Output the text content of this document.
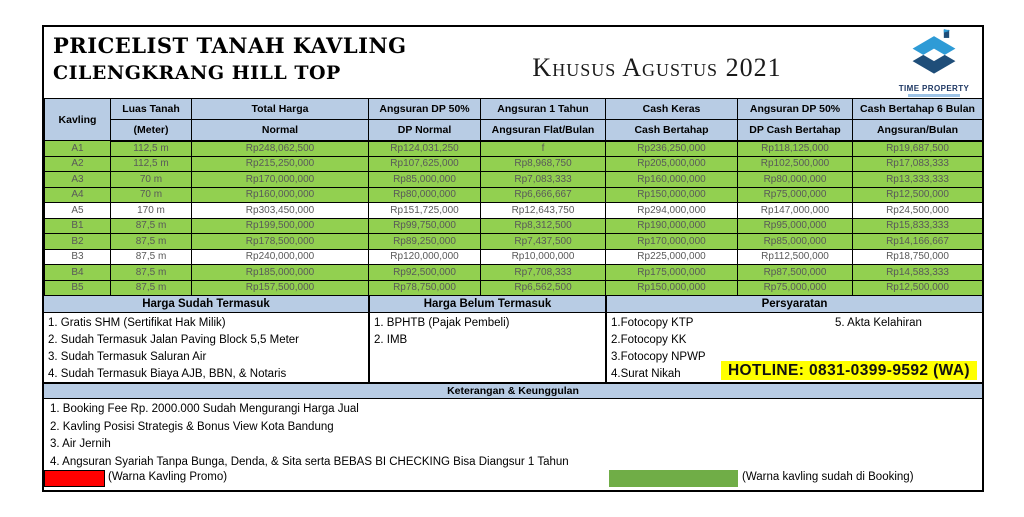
PRICELIST TANAH KAVLING
CILENGKRANG HILL TOP	Khusus Agustus 2021
TIME PROPERTY
Kavling	Luas Tanah	Total Harga	Angsuran DP 50%	Angsuran 1 Tahun	Cash Keras	Angsuran DP 50%	Cash Bertahap 6 Bulan
	(Meter)	Normal	DP Normal	Angsuran Flat/Bulan	Cash Bertahap	DP Cash Bertahap	Angsuran/Bulan
A1	112,5 m	Rp248,062,500	Rp124,031,250	f	Rp236,250,000	Rp118,125,000	Rp19,687,500
A2	112,5 m	Rp215,250,000	Rp107,625,000	Rp8,968,750	Rp205,000,000	Rp102,500,000	Rp17,083,333
A3	70 m	Rp170,000,000	Rp85,000,000	Rp7,083,333	Rp160,000,000	Rp80,000,000	Rp13,333,333
A4	70 m	Rp160,000,000	Rp80,000,000	Rp6,666,667	Rp150,000,000	Rp75,000,000	Rp12,500,000
A5	170 m	Rp303,450,000	Rp151,725,000	Rp12,643,750	Rp294,000,000	Rp147,000,000	Rp24,500,000
B1	87,5 m	Rp199,500,000	Rp99,750,000	Rp8,312,500	Rp190,000,000	Rp95,000,000	Rp15,833,333
B2	87,5 m	Rp178,500,000	Rp89,250,000	Rp7,437,500	Rp170,000,000	Rp85,000,000	Rp14,166,667
B3	87,5 m	Rp240,000,000	Rp120,000,000	Rp10,000,000	Rp225,000,000	Rp112,500,000	Rp18,750,000
B4	87,5 m	Rp185,000,000	Rp92,500,000	Rp7,708,333	Rp175,000,000	Rp87,500,000	Rp14,583,333
B5	87,5 m	Rp157,500,000	Rp78,750,000	Rp6,562,500	Rp150,000,000	Rp75,000,000	Rp12,500,000
Harga Sudah Termasuk
1. Gratis SHM (Sertifikat Hak Milik)
2. Sudah Termasuk Jalan Paving Block 5,5 Meter
3. Sudah Termasuk Saluran Air
4. Sudah Termasuk Biaya AJB, BBN, & Notaris
Harga Belum Termasuk
1. BPHTB (Pajak Pembeli)
2. IMB
Persyaratan
1.Fotocopy KTP
2.Fotocopy KK
3.Fotocopy NPWP
4.Surat Nikah
5. Akta Kelahiran
HOTLINE: 0831-0399-9592 (WA)
Keterangan & Keunggulan
1. Booking Fee Rp. 2000.000 Sudah Mengurangi Harga Jual
2. Kavling Posisi Strategis & Bonus View Kota Bandung
3. Air Jernih
4. Angsuran Syariah Tanpa Bunga, Denda, & Sita serta BEBAS BI CHECKING Bisa Diangsur 1 Tahun
(Warna Kavling Promo)	(Warna kavling sudah di Booking)
